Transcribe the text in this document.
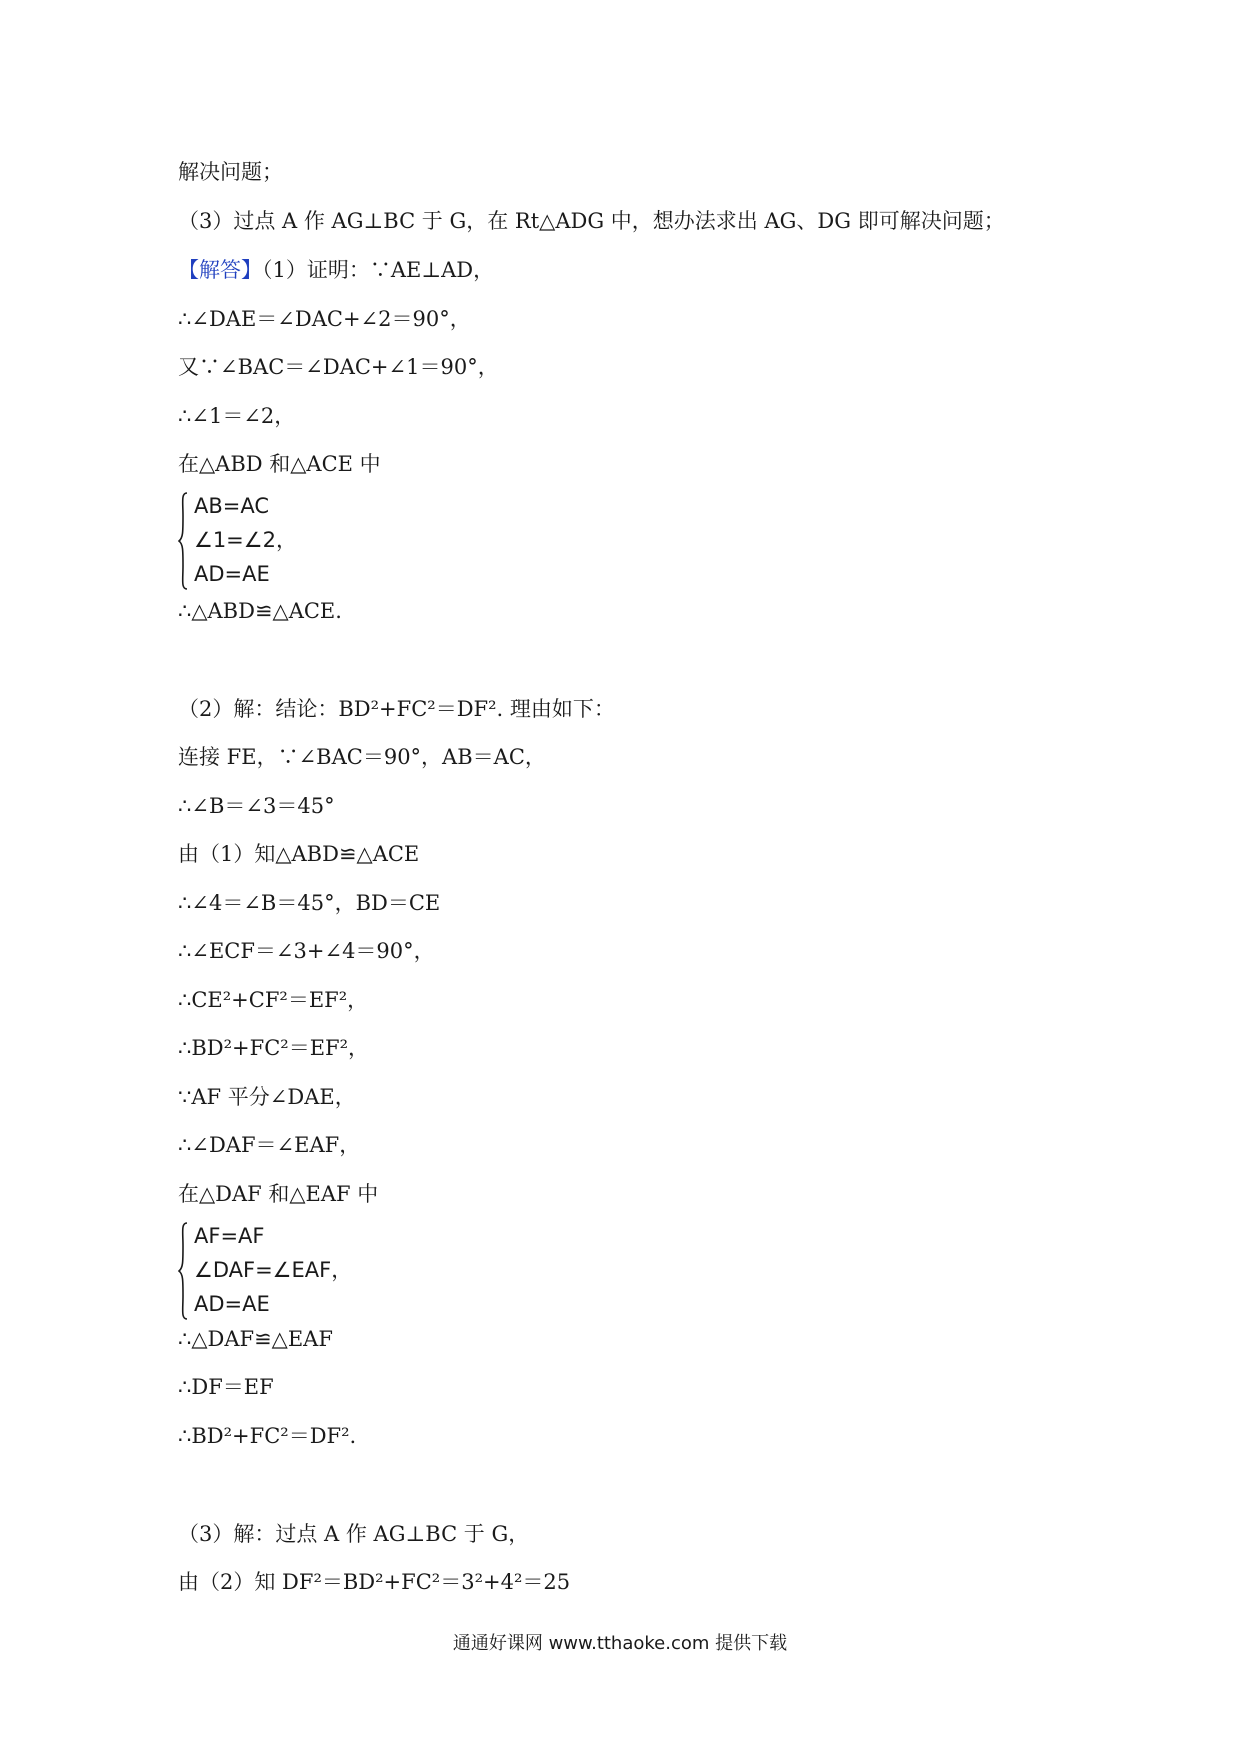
解决问题；
（3）过点 A 作 AG⊥BC 于 G，在 Rt△ADG 中，想办法求出 AG、DG 即可解决问题；
【解答】（1）证明：∵AE⊥AD，
∴∠DAE＝∠DAC+∠2＝90°，
又∵∠BAC＝∠DAC+∠1＝90°，
∴∠1＝∠2，
在△ABD 和△ACE 中
AB=AC
∠1=∠2，
AD=AE
∴△ABD≌△ACE.
（2）解：结论：BD²+FC²＝DF². 理由如下：
连接 FE，∵∠BAC＝90°，AB＝AC，
∴∠B＝∠3＝45°
由（1）知△ABD≌△ACE
∴∠4＝∠B＝45°，BD＝CE
∴∠ECF＝∠3+∠4＝90°，
∴CE²+CF²＝EF²，
∴BD²+FC²＝EF²，
∵AF 平分∠DAE，
∴∠DAF＝∠EAF，
在△DAF 和△EAF 中
AF=AF
∠DAF=∠EAF，
AD=AE
∴△DAF≌△EAF
∴DF＝EF
∴BD²+FC²＝DF².
（3）解：过点 A 作 AG⊥BC 于 G，
由（2）知 DF²＝BD²+FC²＝3²+4²＝25
通通好课网 www.tthaoke.com 提供下载
